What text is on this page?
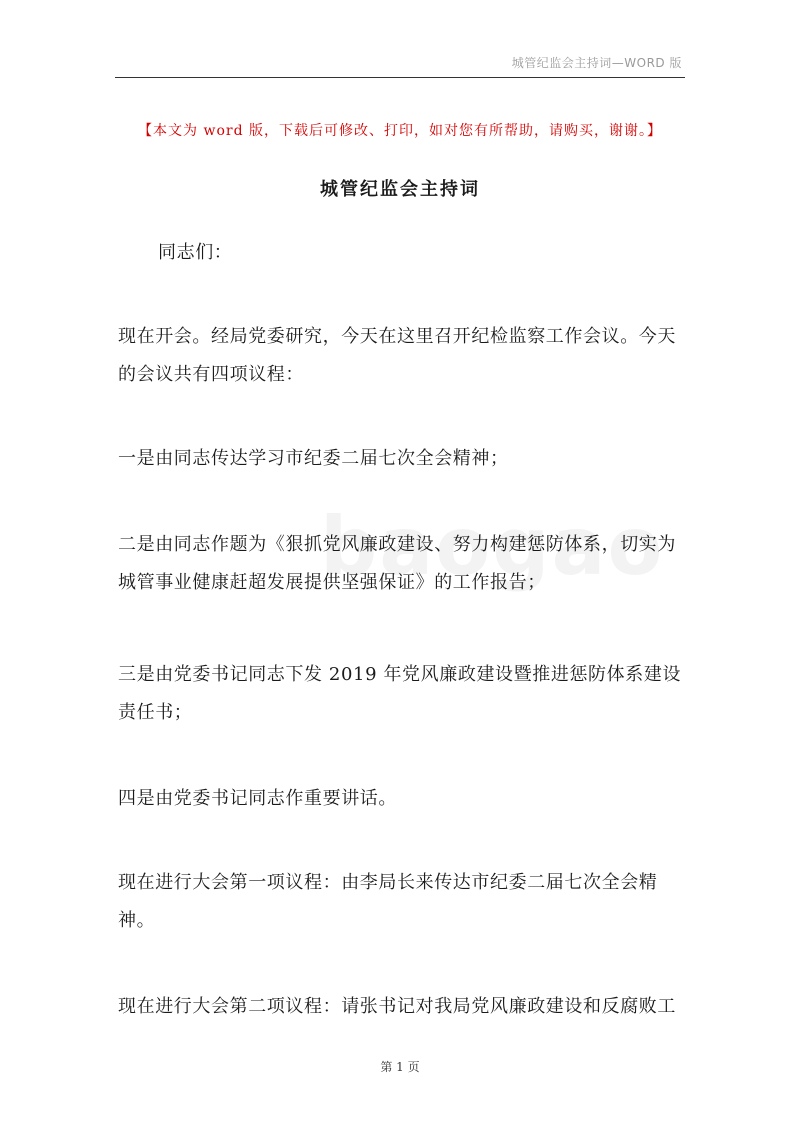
城管纪监会主持词—WORD 版
【本文为 word 版，下载后可修改、打印，如对您有所帮助，请购买，谢谢。】
城管纪监会主持词
同志们：
现在开会。经局党委研究，今天在这里召开纪检监察工作会议。今天的会议共有四项议程：
一是由同志传达学习市纪委二届七次全会精神；
二是由同志作题为《狠抓党风廉政建设、努力构建惩防体系，切实为城管事业健康赶超发展提供坚强保证》的工作报告；
三是由党委书记同志下发 2019 年党风廉政建设暨推进惩防体系建设责任书；
四是由党委书记同志作重要讲话。
现在进行大会第一项议程：由李局长来传达市纪委二届七次全会精神。
现在进行大会第二项议程：请张书记对我局党风廉政建设和反腐败工
第 1 页
